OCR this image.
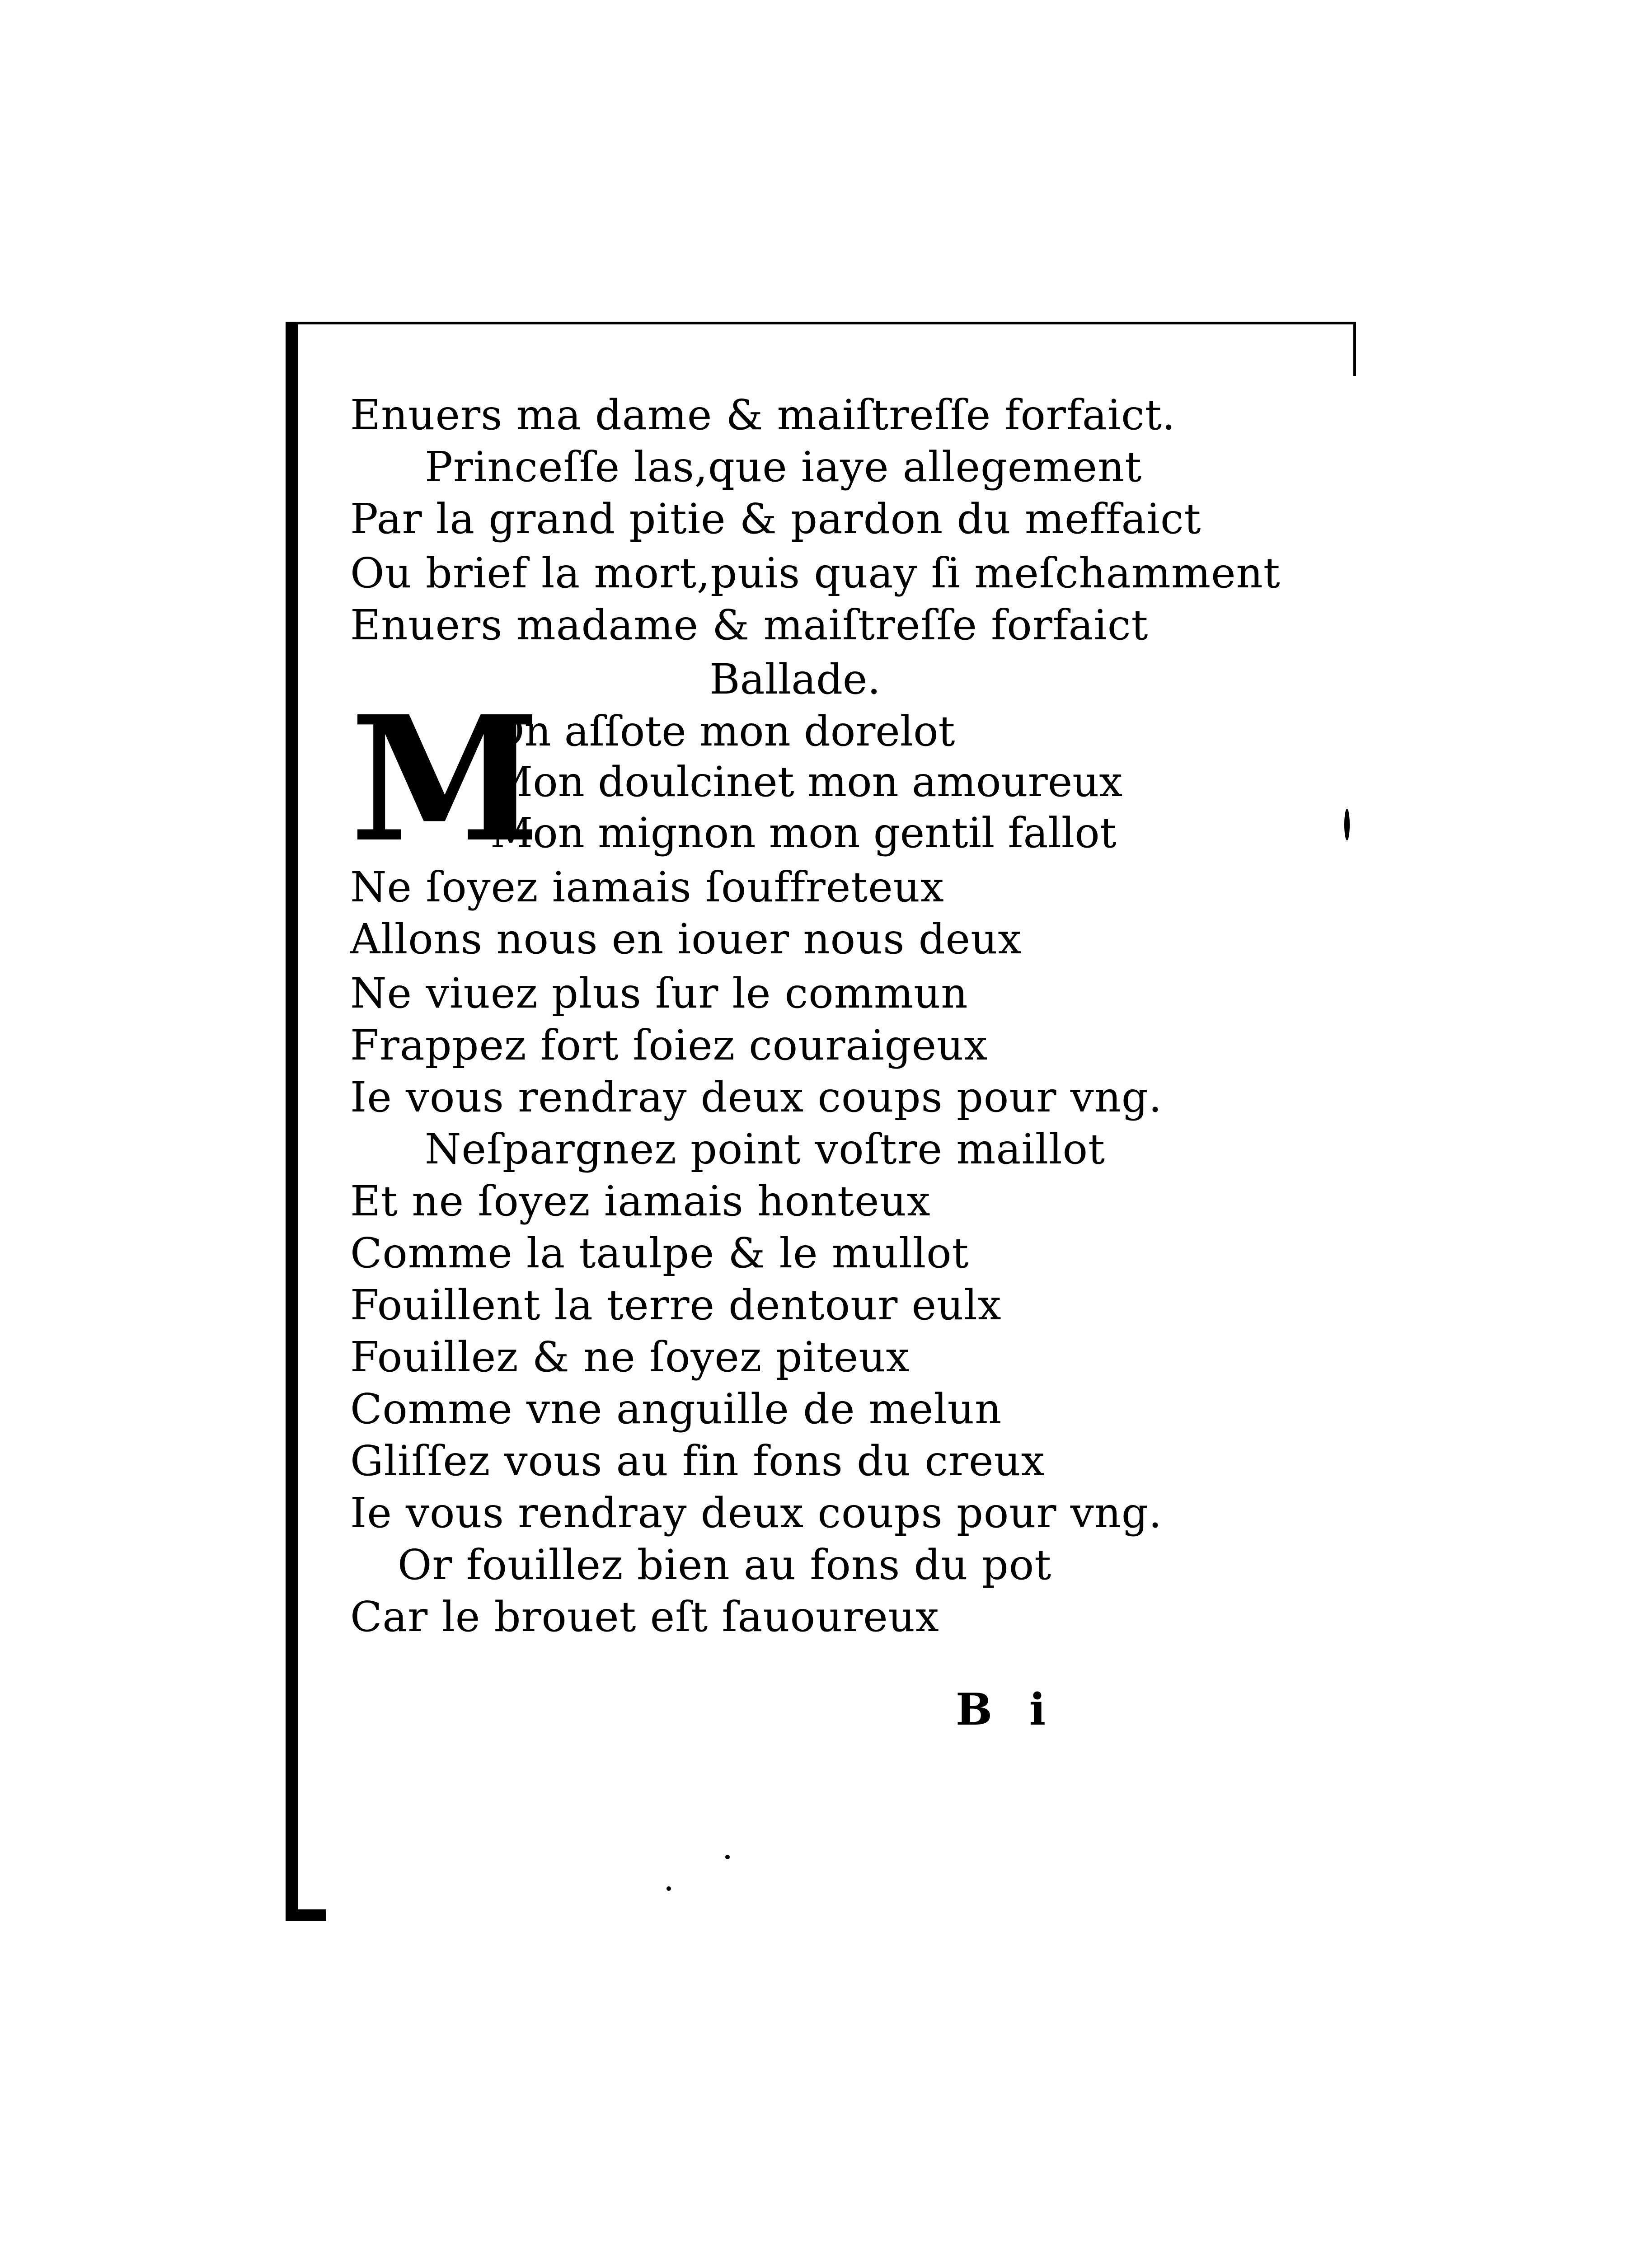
Enuers ma dame & maiſtreſſe forfaict.

Princeſſe las,que iaye allegement

Par la grand pitie & pardon du meffaict

Ou brief la mort,puis quay ſi meſchamment

Enuers madame & maiſtreſſe forfaict

Ballade.

M

On aſſote mon dorelot

Mon doulcinet mon amoureux

Mon mignon mon gentil fallot

Ne ſoyez iamais ſouffreteux

Allons nous en iouer nous deux

Ne viuez plus ſur le commun

Frappez fort ſoiez couraigeux

Ie vous rendray deux coups pour vng.

Neſpargnez point voſtre maillot

Et ne ſoyez iamais honteux

Comme la taulpe & le mullot

Fouillent la terre dentour eulx

Fouillez & ne ſoyez piteux

Comme vne anguille de melun

Gliſſez vous au fin fons du creux

Ie vous rendray deux coups pour vng.

Or fouillez bien au fons du pot

Car le brouet eſt ſauoureux

B i
